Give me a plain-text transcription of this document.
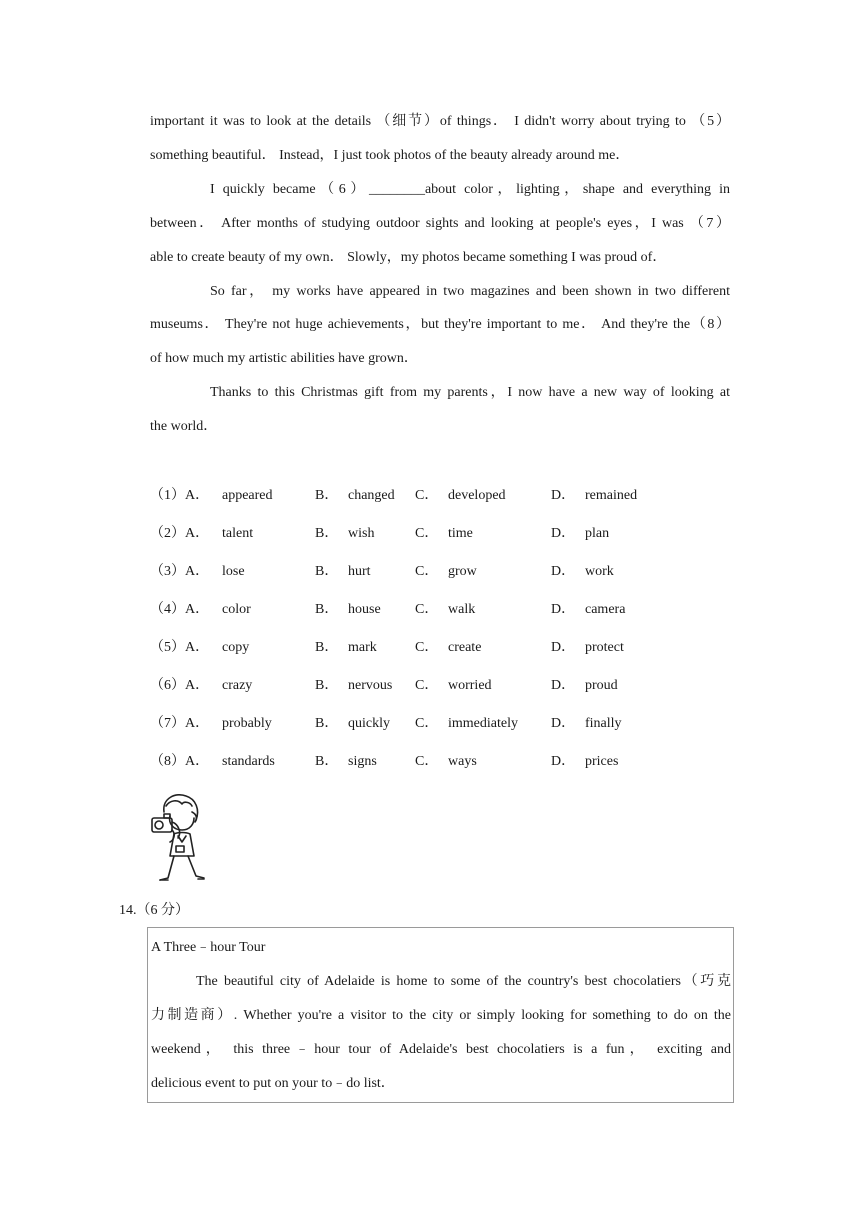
important it was to look at the details （细节）of things． I didn't worry about trying to （5）
something beautiful． Instead，I just took photos of the beauty already around me．
I quickly became（6）________about color，lighting，shape and everything in
between． After months of studying outdoor sights and looking at people's eyes，I was （7）
able to create beauty of my own． Slowly，my photos became something I was proud of．
So far， my works have appeared in two magazines and been shown in two different
museums． They're not huge achievements，but they're important to me． And they're the（8）
of how much my artistic abilities have grown．
Thanks to this Christmas gift from my parents，I now have a new way of looking at
the world．
（1）A． appeared	B． changed C． developed	D． remained
（2）A． talent	B． wish	C． time	D． plan
（3）A． lose	B． hurt	C． grow	D． work
（4）A． color	B． house C． walk	D． camera
（5）A． copy	B． mark	C． create	D． protect
（6）A． crazy	B． nervous C． worried	D． proud
（7）A． probably	B． quickly C． immediately D． finally
（8）A． standards	B． signs	C． ways	D． prices
14.（6 分）
A Three﹣hour Tour
The beautiful city of Adelaide is home to some of the country's best chocolatiers（巧克
力制造商）. Whether you're a visitor to the city or simply looking for something to do on the
weekend， this three﹣hour tour of Adelaide's best chocolatiers is a fun， exciting and
delicious event to put on your to﹣do list．
